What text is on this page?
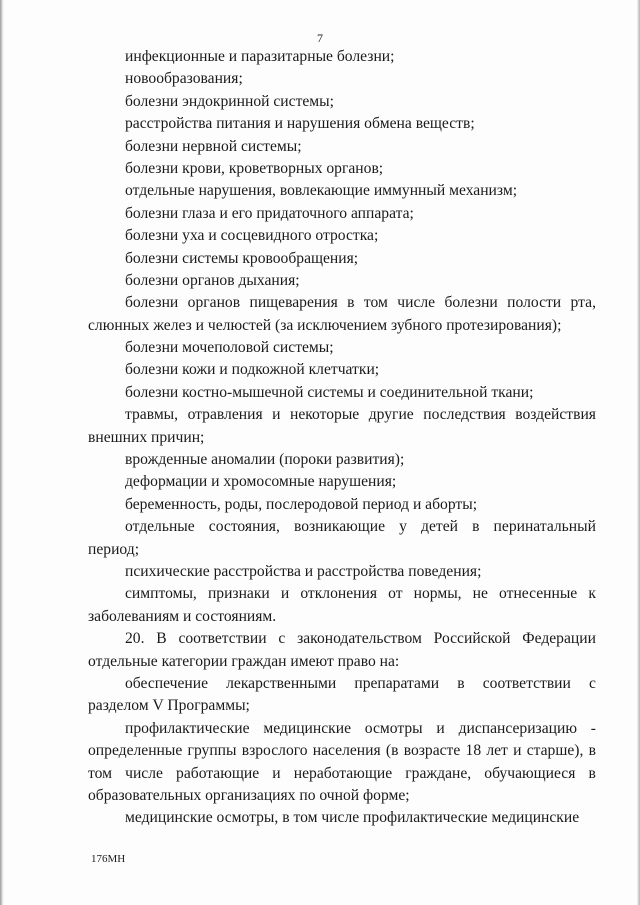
7
инфекционные и паразитарные болезни;
новообразования;
болезни эндокринной системы;
расстройства питания и нарушения обмена веществ;
болезни нервной системы;
болезни крови, кроветворных органов;
отдельные нарушения, вовлекающие иммунный механизм;
болезни глаза и его придаточного аппарата;
болезни уха и сосцевидного отростка;
болезни системы кровообращения;
болезни органов дыхания;
болезни органов пищеварения в том числе болезни полости рта,
слюнных желез и челюстей (за исключением зубного протезирования);
болезни мочеполовой системы;
болезни кожи и подкожной клетчатки;
болезни костно-мышечной системы и соединительной ткани;
травмы, отравления и некоторые другие последствия воздействия
внешних причин;
врожденные аномалии (пороки развития);
деформации и хромосомные нарушения;
беременность, роды, послеродовой период и аборты;
отдельные состояния, возникающие у детей в перинатальный
период;
психические расстройства и расстройства поведения;
симптомы, признаки и отклонения от нормы, не отнесенные к
заболеваниям и состояниям.
20. В соответствии с законодательством Российской Федерации
отдельные категории граждан имеют право на:
обеспечение лекарственными препаратами в соответствии с
разделом V Программы;
профилактические медицинские осмотры и диспансеризацию -
определенные группы взрослого населения (в возрасте 18 лет и старше), в
том числе работающие и неработающие граждане, обучающиеся в
образовательных организациях по очной форме;
медицинские осмотры, в том числе профилактические медицинские
176МН
